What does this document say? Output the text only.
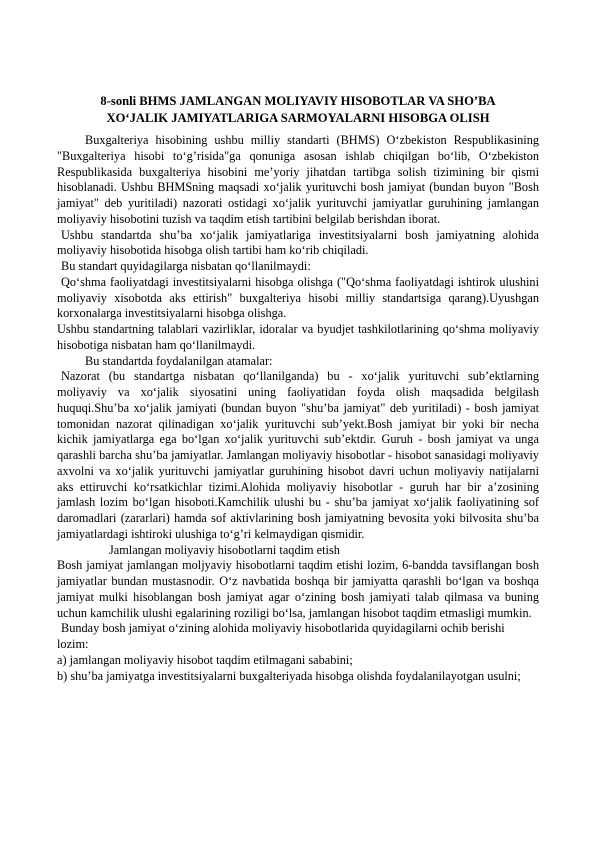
8-sonli BHMS JAMLANGAN MOLIYAVIY HISOBOTLAR VA SHO’BA
XO‘JALIK JAMIYATLARIGA SARMOYALARNI HISOBGA OLISH

Buxgalteriya hisobining ushbu milliy standarti (BHMS) O‘zbekiston Respublikasining "Buxgalteriya hisobi to‘g’risida"ga qonuniga asosan ishlab chiqilgan bo‘lib, O‘zbekiston Respublikasida buxgalteriya hisobini me’yoriy jihatdan tartibga solish tizimining bir qismi hisoblanadi. Ushbu BHMSning maqsadi xo‘jalik yurituvchi bosh jamiyat (bundan buyon "Bosh jamiyat" deb yuritiladi) nazorati ostidagi xo‘jalik yurituvchi jamiyatlar guruhining jamlangan moliyaviy hisobotini tuzish va taqdim etish tartibini belgilab berishdan iborat.

Ushbu standartda shu’ba xo‘jalik jamiyatlariga investitsiyalarni bosh jamiyatning alohida moliyaviy hisobotida hisobga olish tartibi ham ko‘rib chiqiladi.

Bu standart quyidagilarga nisbatan qo‘llanilmaydi:

Qo‘shma faoliyatdagi investitsiyalarni hisobga olishga ("Qo‘shma faoliyatdagi ishtirok ulushini moliyaviy xisobotda aks ettirish" buxgalteriya hisobi milliy standartsiga qarang).Uyushgan korxonalarga investitsiyalarni hisobga olishga.

Ushbu standartning talablari vazirliklar, idoralar va byudjet tashkilotlarining qo‘shma moliyaviy hisobotiga nisbatan ham qo‘llanilmaydi.

Bu standartda foydalanilgan atamalar:

Nazorat (bu standartga nisbatan qo‘llanilganda) bu - xo‘jalik yurituvchi sub’ektlarning moliyaviy va xo‘jalik siyosatini uning faoliyatidan foyda olish maqsadida belgilash huquqi.Shu’ba xo‘jalik jamiyati (bundan buyon "shu’ba jamiyat" deb yuritiladi) - bosh jamiyat tomonidan nazorat qilinadigan xo‘jalik yurituvchi sub’yekt.Bosh jamiyat bir yoki bir necha kichik jamiyatlarga ega bo‘lgan xo‘jalik yurituvchi sub’ektdir. Guruh - bosh jamiyat va unga qarashli barcha shu’ba jamiyatlar. Jamlangan moliyaviy hisobotlar - hisobot sanasidagi moliyaviy axvolni va xo‘jalik yurituvchi jamiyatlar guruhining hisobot davri uchun moliyaviy natijalarni aks ettiruvchi ko‘rsatkichlar tizimi.Alohida moliyaviy hisobotlar - guruh har bir a’zosining jamlash lozim bo‘lgan hisoboti.Kamchilik ulushi bu - shu’ba jamiyat xo‘jalik faoliyatining sof daromadlari (zararlari) hamda sof aktivlarining bosh jamiyatning bevosita yoki bilvosita shu’ba jamiyatlardagi ishtiroki ulushiga to‘g’ri kelmaydigan qismidir.

Jamlangan moliyaviy hisobotlarni taqdim etish

Bosh jamiyat jamlangan moljyaviy hisobotlarni taqdim etishi lozim, 6-bandda tavsiflangan bosh jamiyatlar bundan mustasnodir. O‘z navbatida boshqa bir jamiyatta qarashli bo‘lgan va boshqa jamiyat mulki hisoblangan bosh jamiyat agar o‘zining bosh jamiyati talab qilmasa va buning uchun kamchilik ulushi egalarining roziligi bo‘lsa, jamlangan hisobot taqdim etmasligi mumkin.

Bunday bosh jamiyat o‘zining alohida moliyaviy hisobotlarida quyidagilarni ochib berishi lozim:

a) jamlangan moliyaviy hisobot taqdim etilmagani sababini;

b) shu’ba jamiyatga investitsiyalarni buxgalteriyada hisobga olishda foydalanilayotgan usulni;
